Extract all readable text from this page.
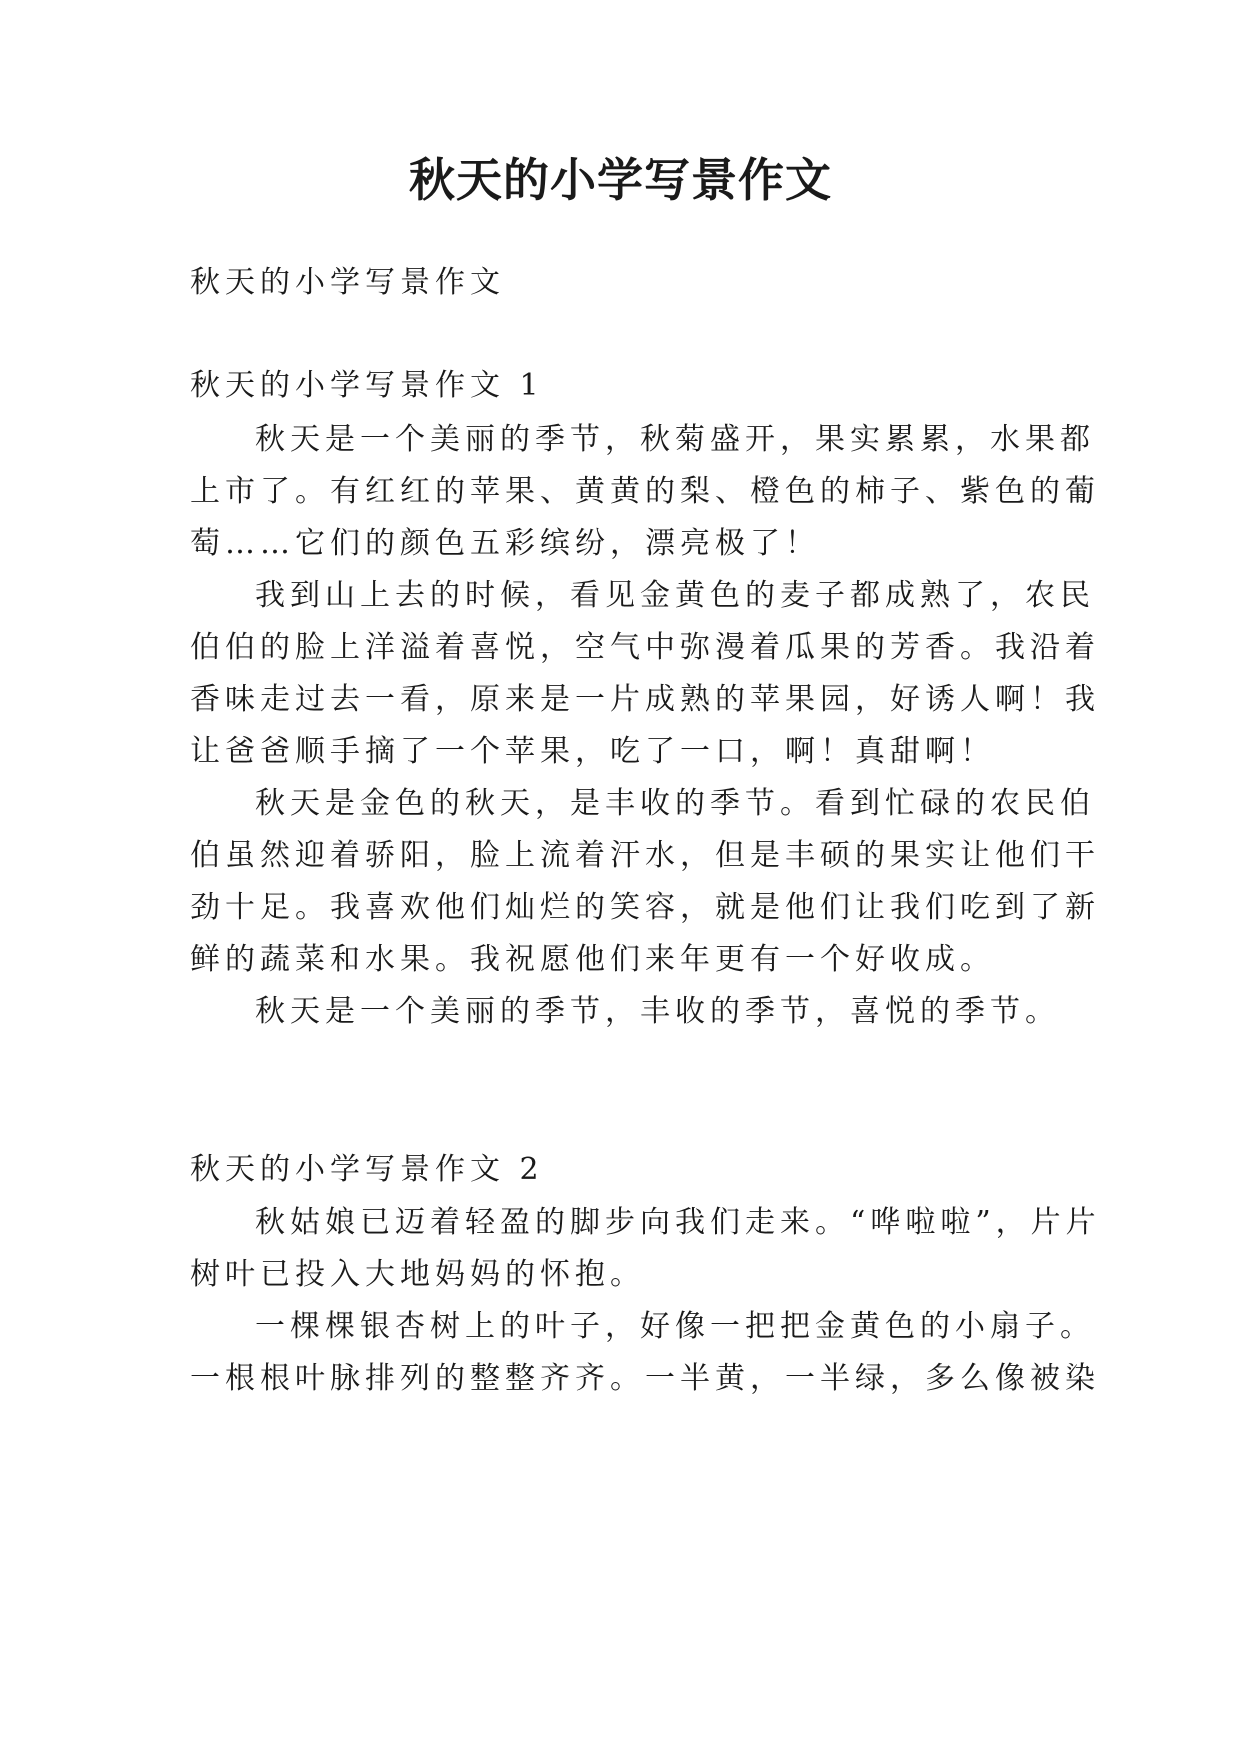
秋天的小学写景作文
秋天的小学写景作文
秋天的小学写景作文 1
秋天是一个美丽的季节，秋菊盛开，果实累累，水果都
上市了。有红红的苹果、黄黄的梨、橙色的柿子、紫色的葡
萄……它们的颜色五彩缤纷，漂亮极了！
我到山上去的时候，看见金黄色的麦子都成熟了，农民
伯伯的脸上洋溢着喜悦，空气中弥漫着瓜果的芳香。我沿着
香味走过去一看，原来是一片成熟的苹果园，好诱人啊！我
让爸爸顺手摘了一个苹果，吃了一口，啊！真甜啊！
秋天是金色的秋天，是丰收的季节。看到忙碌的农民伯
伯虽然迎着骄阳，脸上流着汗水，但是丰硕的果实让他们干
劲十足。我喜欢他们灿烂的笑容，就是他们让我们吃到了新
鲜的蔬菜和水果。我祝愿他们来年更有一个好收成。
秋天是一个美丽的季节，丰收的季节，喜悦的季节。
秋天的小学写景作文 2
秋姑娘已迈着轻盈的脚步向我们走来。“哗啦啦”，片片
树叶已投入大地妈妈的怀抱。
一棵棵银杏树上的叶子，好像一把把金黄色的小扇子。
一根根叶脉排列的整整齐齐。一半黄，一半绿，多么像被染
